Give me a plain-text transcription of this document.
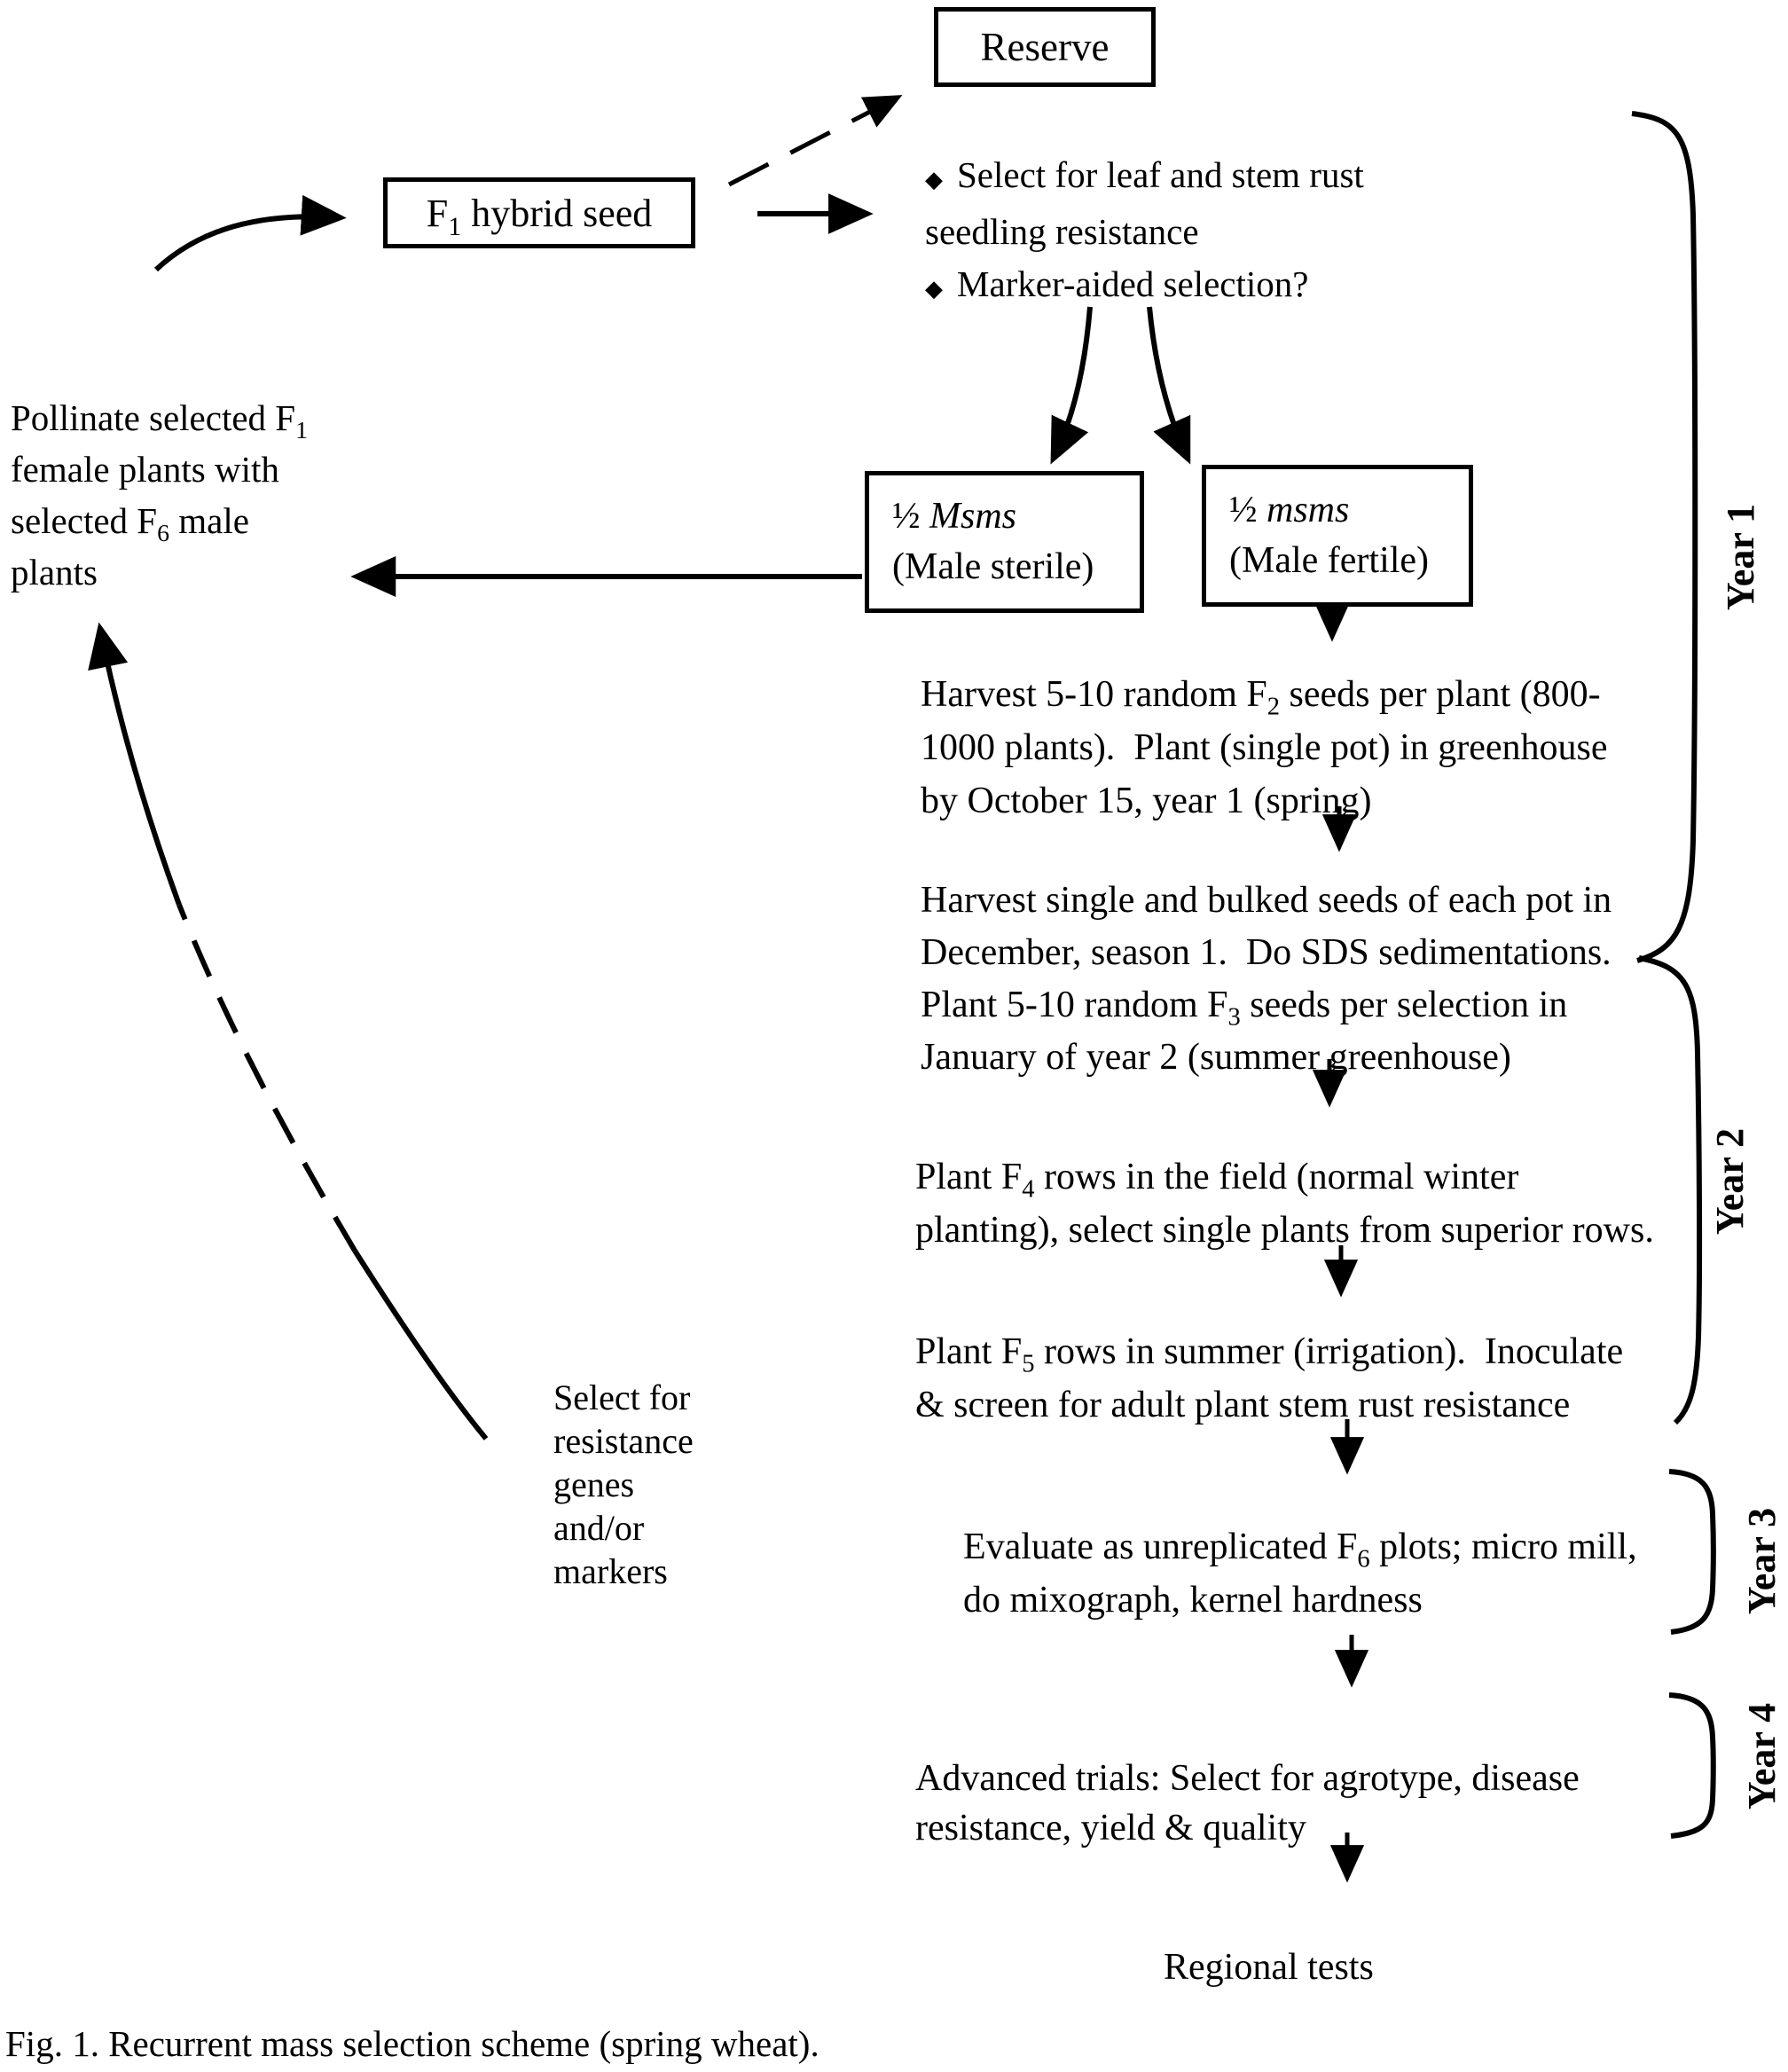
Reserve
$F_1$ hybrid seed
◆ Select for leaf and stem rust
seedling resistance
◆ Marker-aided selection?
Pollinate selected $F_1$
female plants with
selected $F_6$ male
plants
½ Msms
(Male sterile)
½ msms
(Male fertile)
Harvest 5-10 random $F_2$ seeds per plant (800-
1000 plants).  Plant (single pot) in greenhouse
by October 15, year 1 (spring)
Harvest single and bulked seeds of each pot in
December, season 1.  Do SDS sedimentations.
Plant 5-10 random $F_3$ seeds per selection in
January of year 2 (summer greenhouse)
Plant $F_4$ rows in the field (normal winter
planting), select single plants from superior rows.
Plant $F_5$ rows in summer (irrigation).  Inoculate
& screen for adult plant stem rust resistance
Select for
resistance
genes
and/or
markers
Evaluate as unreplicated $F_6$ plots; micro mill,
do mixograph, kernel hardness
Advanced trials: Select for agrotype, disease
resistance, yield & quality
Regional tests
Fig. 1. Recurrent mass selection scheme (spring wheat).
Year 1
Year 2
Year 3
Year 4
